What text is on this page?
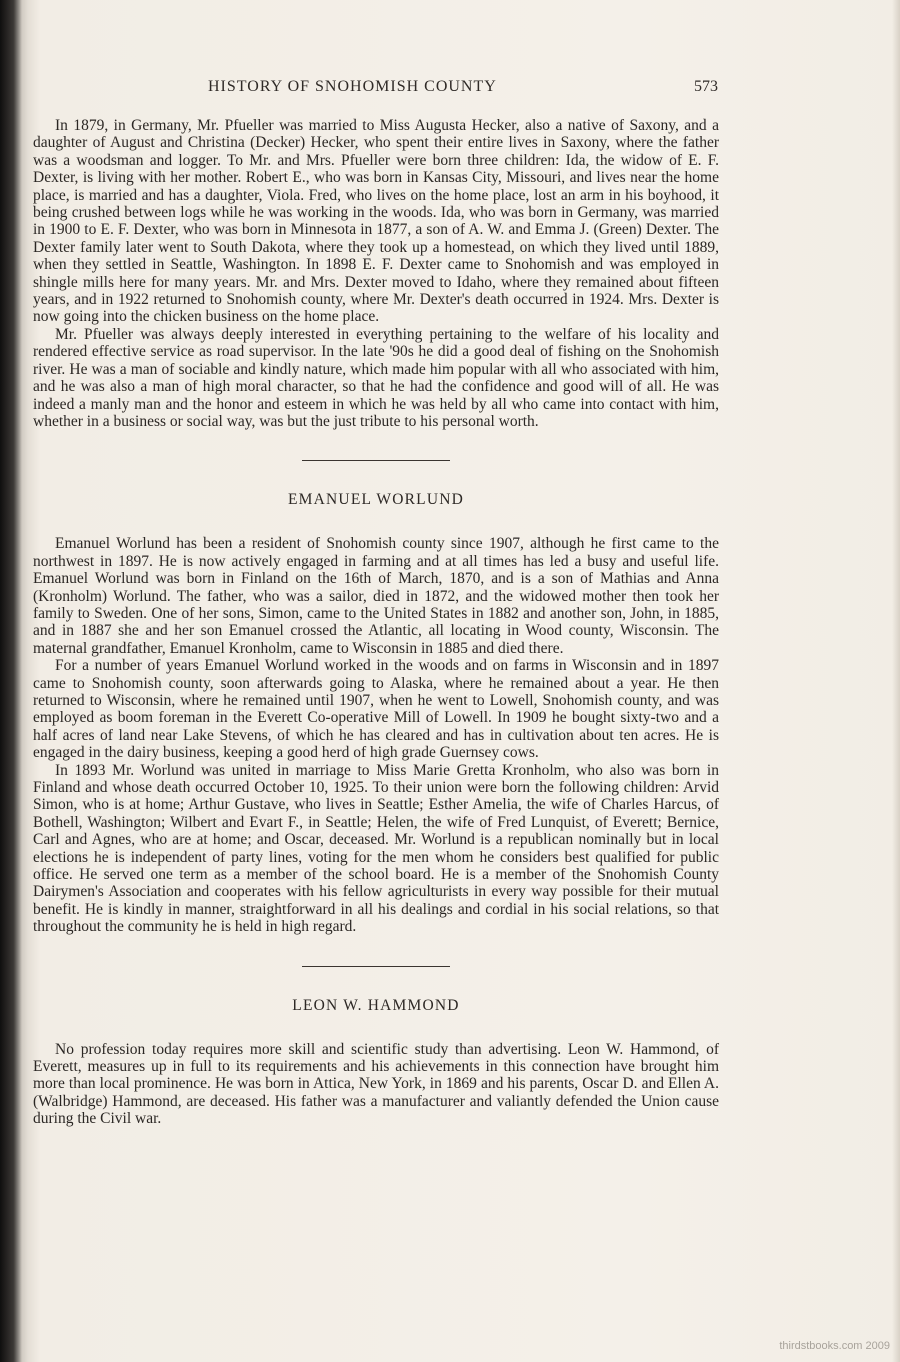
HISTORY OF SNOHOMISH COUNTY	573

In 1879, in Germany, Mr. Pfueller was married to Miss Augusta Hecker, also a native of Saxony, and a daughter of August and Christina (Decker) Hecker, who spent their entire lives in Saxony, where the father was a woodsman and logger. To Mr. and Mrs. Pfueller were born three children: Ida, the widow of E. F. Dexter, is living with her mother. Robert E., who was born in Kansas City, Missouri, and lives near the home place, is married and has a daughter, Viola. Fred, who lives on the home place, lost an arm in his boyhood, it being crushed between logs while he was working in the woods. Ida, who was born in Germany, was married in 1900 to E. F. Dexter, who was born in Minnesota in 1877, a son of A. W. and Emma J. (Green) Dexter. The Dexter family later went to South Dakota, where they took up a homestead, on which they lived until 1889, when they settled in Seattle, Washington. In 1898 E. F. Dexter came to Snohomish and was employed in shingle mills here for many years. Mr. and Mrs. Dexter moved to Idaho, where they remained about fifteen years, and in 1922 returned to Snohomish county, where Mr. Dexter's death occurred in 1924. Mrs. Dexter is now going into the chicken business on the home place.

Mr. Pfueller was always deeply interested in everything pertaining to the welfare of his locality and rendered effective service as road supervisor. In the late '90s he did a good deal of fishing on the Snohomish river. He was a man of sociable and kindly nature, which made him popular with all who associated with him, and he was also a man of high moral character, so that he had the confidence and good will of all. He was indeed a manly man and the honor and esteem in which he was held by all who came into contact with him, whether in a business or social way, was but the just tribute to his personal worth.

EMANUEL WORLUND

Emanuel Worlund has been a resident of Snohomish county since 1907, although he first came to the northwest in 1897. He is now actively engaged in farming and at all times has led a busy and useful life. Emanuel Worlund was born in Finland on the 16th of March, 1870, and is a son of Mathias and Anna (Kronholm) Worlund. The father, who was a sailor, died in 1872, and the widowed mother then took her family to Sweden. One of her sons, Simon, came to the United States in 1882 and another son, John, in 1885, and in 1887 she and her son Emanuel crossed the Atlantic, all locating in Wood county, Wisconsin. The maternal grandfather, Emanuel Kronholm, came to Wisconsin in 1885 and died there.

For a number of years Emanuel Worlund worked in the woods and on farms in Wisconsin and in 1897 came to Snohomish county, soon afterwards going to Alaska, where he remained about a year. He then returned to Wisconsin, where he remained until 1907, when he went to Lowell, Snohomish county, and was employed as boom foreman in the Everett Co-operative Mill of Lowell. In 1909 he bought sixty-two and a half acres of land near Lake Stevens, of which he has cleared and has in cultivation about ten acres. He is engaged in the dairy business, keeping a good herd of high grade Guernsey cows.

In 1893 Mr. Worlund was united in marriage to Miss Marie Gretta Kronholm, who also was born in Finland and whose death occurred October 10, 1925. To their union were born the following children: Arvid Simon, who is at home; Arthur Gustave, who lives in Seattle; Esther Amelia, the wife of Charles Harcus, of Bothell, Washington; Wilbert and Evart F., in Seattle; Helen, the wife of Fred Lunquist, of Everett; Bernice, Carl and Agnes, who are at home; and Oscar, deceased. Mr. Worlund is a republican nominally but in local elections he is independent of party lines, voting for the men whom he considers best qualified for public office. He served one term as a member of the school board. He is a member of the Snohomish County Dairymen's Association and cooperates with his fellow agriculturists in every way possible for their mutual benefit. He is kindly in manner, straightforward in all his dealings and cordial in his social relations, so that throughout the community he is held in high regard.

LEON W. HAMMOND

No profession today requires more skill and scientific study than advertising. Leon W. Hammond, of Everett, measures up in full to its requirements and his achievements in this connection have brought him more than local prominence. He was born in Attica, New York, in 1869 and his parents, Oscar D. and Ellen A. (Walbridge) Hammond, are deceased. His father was a manufacturer and valiantly defended the Union cause during the Civil war.

thirdstbooks.com 2009
